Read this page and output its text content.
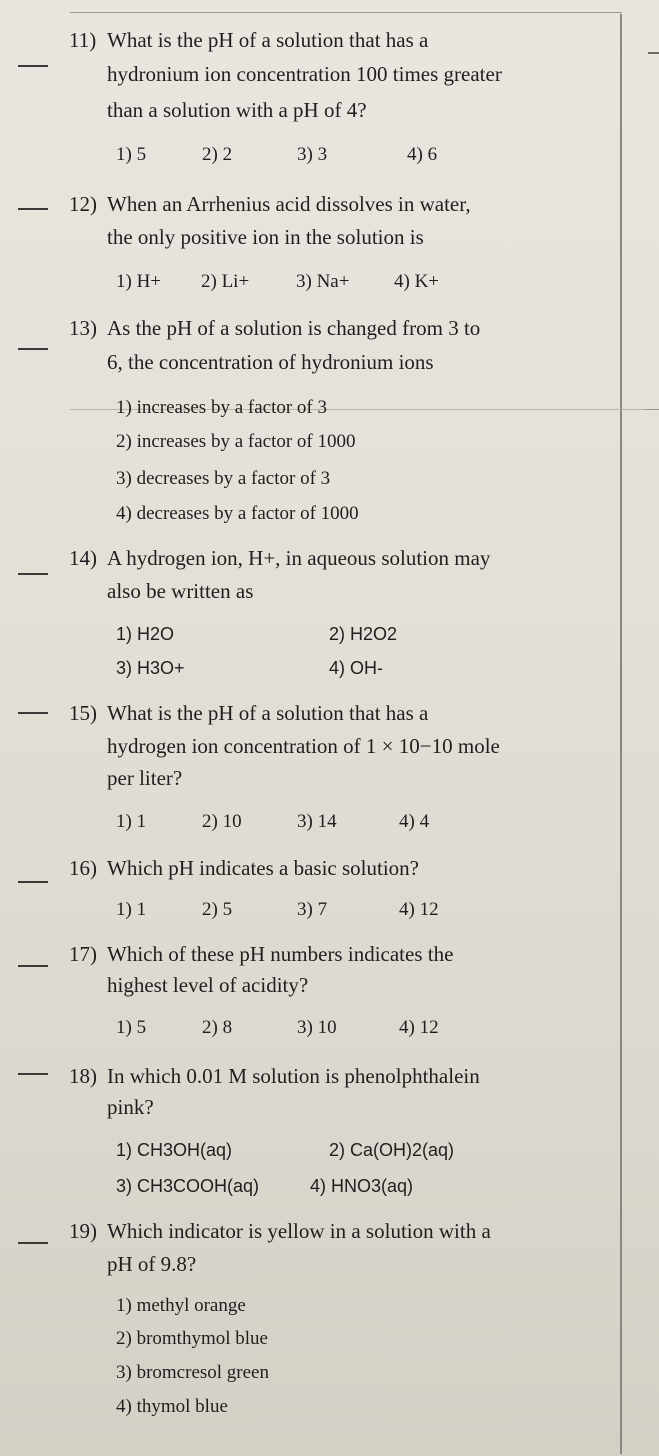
11) What is the pH of a solution that has a
hydronium ion concentration 100 times greater
than a solution with a pH of 4?
1) 5	2) 2	3) 3	4) 6
12) When an Arrhenius acid dissolves in water,
the only positive ion in the solution is
1) H+ 2) Li+ 3) Na+ 4) K+
13) As the pH of a solution is changed from 3 to
6, the concentration of hydronium ions
1) increases by a factor of 3
2) increases by a factor of 1000
3) decreases by a factor of 3
4) decreases by a factor of 1000
14) A hydrogen ion, H+, in aqueous solution may
also be written as
1) H2O	2) H2O2
3) H3O+	4) OH-
15) What is the pH of a solution that has a
hydrogen ion concentration of 1 × 10−10 mole
per liter?
1) 1	2) 10	3) 14	4) 4
16) Which pH indicates a basic solution?
1) 1	2) 5	3) 7	4) 12
17) Which of these pH numbers indicates the
highest level of acidity?
1) 5	2) 8	3) 10	4) 12
18) In which 0.01 M solution is phenolphthalein
pink?
1) CH3OH(aq)	2) Ca(OH)2(aq)
3) CH3COOH(aq)	4) HNO3(aq)
19) Which indicator is yellow in a solution with a
pH of 9.8?
1) methyl orange
2) bromthymol blue
3) bromcresol green
4) thymol blue
